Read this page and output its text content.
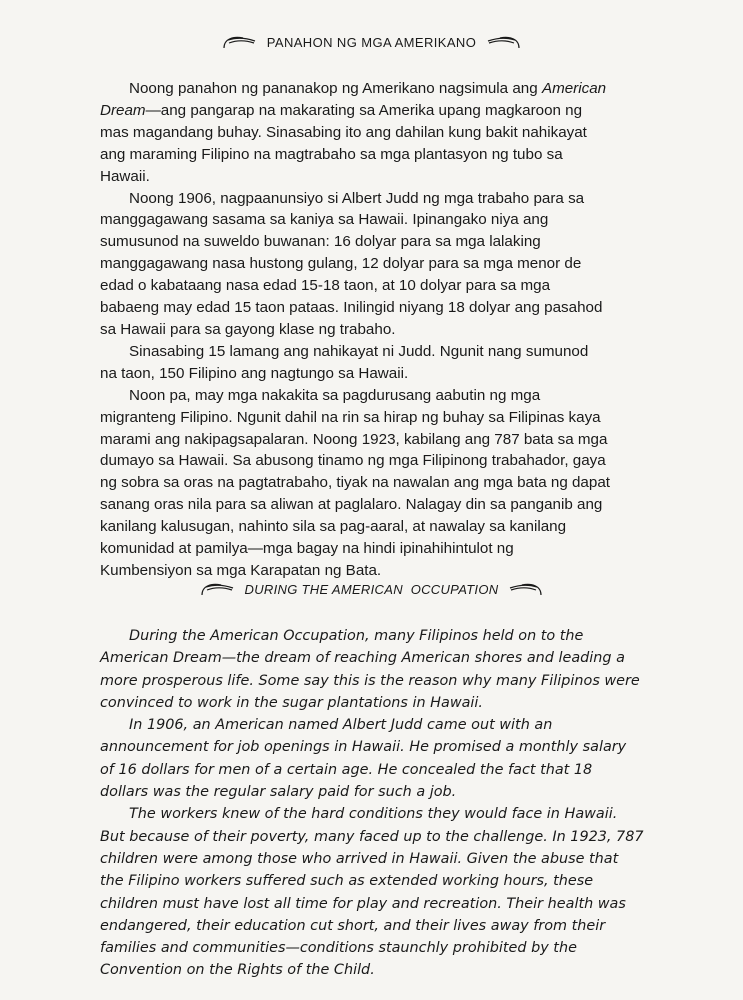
PANAHON NG MGA AMERIKANO

Noong panahon ng pananakop ng Amerikano nagsimula ang American
Dream—ang pangarap na makarating sa Amerika upang magkaroon ng
mas magandang buhay. Sinasabing ito ang dahilan kung bakit nahikayat
ang maraming Filipino na magtrabaho sa mga plantasyon ng tubo sa
Hawaii.

Noong 1906, nagpaanunsiyo si Albert Judd ng mga trabaho para sa
manggagawang sasama sa kaniya sa Hawaii. Ipinangako niya ang
sumusunod na suweldo buwanan: 16 dolyar para sa mga lalaking
manggagawang nasa hustong gulang, 12 dolyar para sa mga menor de
edad o kabataang nasa edad 15-18 taon, at 10 dolyar para sa mga
babaeng may edad 15 taon pataas. Inilingid niyang 18 dolyar ang pasahod
sa Hawaii para sa gayong klase ng trabaho.

Sinasabing 15 lamang ang nahikayat ni Judd. Ngunit nang sumunod
na taon, 150 Filipino ang nagtungo sa Hawaii.

Noon pa, may mga nakakita sa pagdurusang aabutin ng mga
migranteng Filipino. Ngunit dahil na rin sa hirap ng buhay sa Filipinas kaya
marami ang nakipagsapalaran. Noong 1923, kabilang ang 787 bata sa mga
dumayo sa Hawaii. Sa abusong tinamo ng mga Filipinong trabahador, gaya
ng sobra sa oras na pagtatrabaho, tiyak na nawalan ang mga bata ng dapat
sanang oras nila para sa aliwan at paglalaro. Nalagay din sa panganib ang
kanilang kalusugan, nahinto sila sa pag-aaral, at nawalay sa kanilang
komunidad at pamilya—mga bagay na hindi ipinahihintulot ng
Kumbensiyon sa mga Karapatan ng Bata.

DURING THE AMERICAN  OCCUPATION

During the American Occupation, many Filipinos held on to the
American Dream—the dream of reaching American shores and leading a
more prosperous life. Some say this is the reason why many Filipinos were
convinced to work in the sugar plantations in Hawaii.

In 1906, an American named Albert Judd came out with an
announcement for job openings in Hawaii. He promised a monthly salary
of 16 dollars for men of a certain age. He concealed the fact that 18
dollars was the regular salary paid for such a job.

The workers knew of the hard conditions they would face in Hawaii.
But because of their poverty, many faced up to the challenge. In 1923, 787
children were among those who arrived in Hawaii. Given the abuse that
the Filipino workers suffered such as extended working hours, these
children must have lost all time for play and recreation. Their health was
endangered, their education cut short, and their lives away from their
families and communities—conditions staunchly prohibited by the
Convention on the Rights of the Child.
